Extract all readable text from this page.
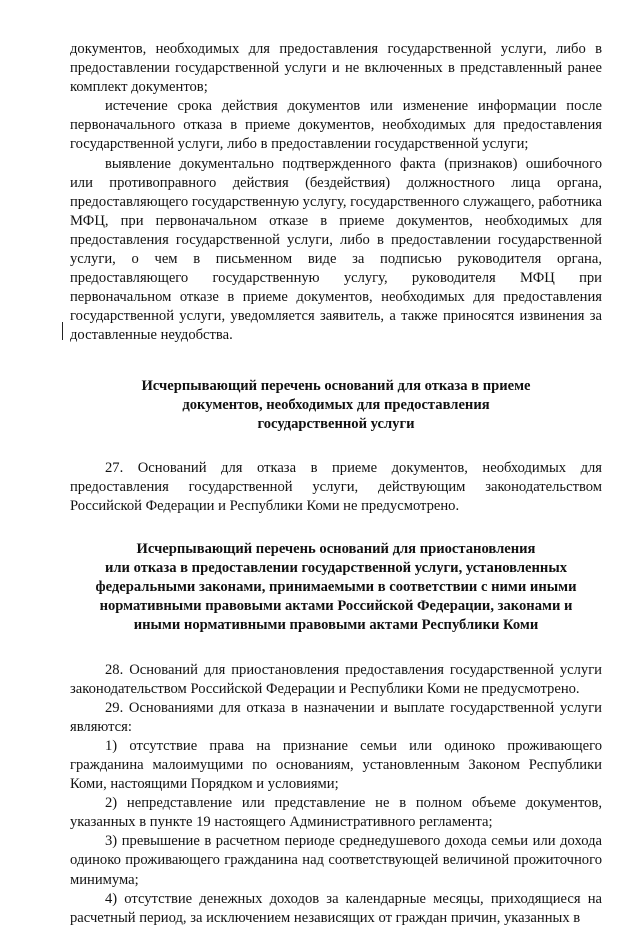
документов, необходимых для предоставления государственной услуги, либо в предоставлении государственной услуги и не включенных в представленный ранее комплект документов;

истечение срока действия документов или изменение информации после первоначального отказа в приеме документов, необходимых для предоставления государственной услуги, либо в предоставлении государственной услуги;

выявление документально подтвержденного факта (признаков) ошибочного или противоправного действия (бездействия) должностного лица органа, предоставляющего государственную услугу, государственного служащего, работника МФЦ, при первоначальном отказе в приеме документов, необходимых для предоставления государственной услуги, либо в предоставлении государственной услуги, о чем в письменном виде за подписью руководителя органа, предоставляющего государственную услугу, руководителя МФЦ при первоначальном отказе в приеме документов, необходимых для предоставления государственной услуги, уведомляется заявитель, а также приносятся извинения за доставленные неудобства.

Исчерпывающий перечень оснований для отказа в приеме
документов, необходимых для предоставления
государственной услуги

27. Оснований для отказа в приеме документов, необходимых для предоставления государственной услуги, действующим законодательством Российской Федерации и Республики Коми не предусмотрено.

Исчерпывающий перечень оснований для приостановления
или отказа в предоставлении государственной услуги, установленных
федеральными законами, принимаемыми в соответствии с ними иными
нормативными правовыми актами Российской Федерации, законами и
иными нормативными правовыми актами Республики Коми

28. Оснований для приостановления предоставления государственной услуги законодательством Российской Федерации и Республики Коми не предусмотрено.

29. Основаниями для отказа в назначении и выплате государственной услуги являются:

1) отсутствие права на признание семьи или одиноко проживающего гражданина малоимущими по основаниям, установленным Законом Республики Коми, настоящими Порядком и условиями;

2) непредставление или представление не в полном объеме документов, указанных в пункте 19 настоящего Административного регламента;

3) превышение в расчетном периоде среднедушевого дохода семьи или дохода одиноко проживающего гражданина над соответствующей величиной прожиточного минимума;

4) отсутствие денежных доходов за календарные месяцы, приходящиеся на расчетный период, за исключением независящих от граждан причин, указанных в
